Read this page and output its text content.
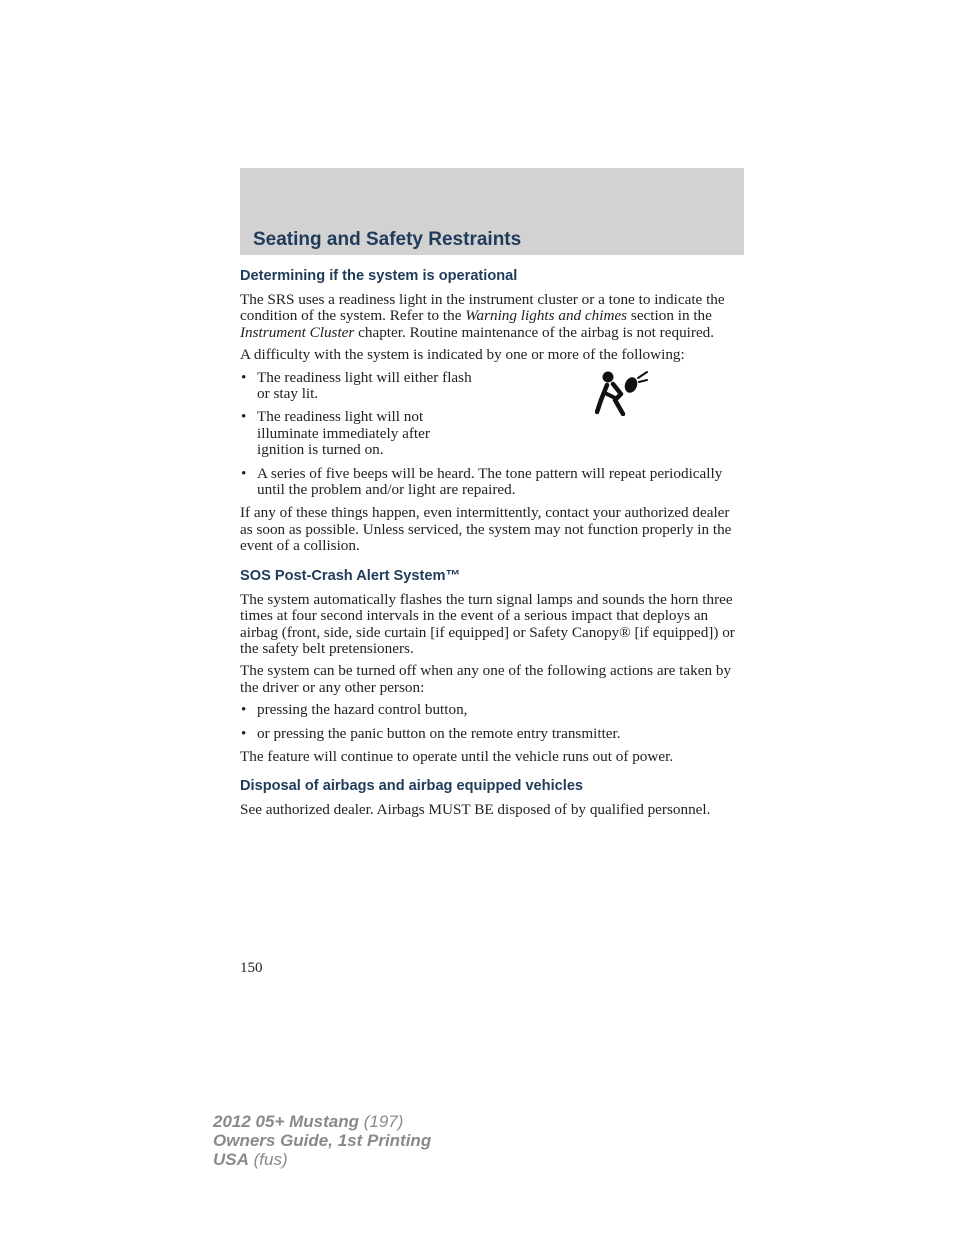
Seating and Safety Restraints
Determining if the system is operational

The SRS uses a readiness light in the instrument cluster or a tone to indicate the condition of the system. Refer to the Warning lights and chimes section in the Instrument Cluster chapter. Routine maintenance of the airbag is not required.

A difficulty with the system is indicated by one or more of the following:

• The readiness light will either flash or stay lit.
• The readiness light will not illuminate immediately after ignition is turned on.
• A series of five beeps will be heard. The tone pattern will repeat periodically until the problem and/or light are repaired.

If any of these things happen, even intermittently, contact your authorized dealer as soon as possible. Unless serviced, the system may not function properly in the event of a collision.

SOS Post-Crash Alert System™

The system automatically flashes the turn signal lamps and sounds the horn three times at four second intervals in the event of a serious impact that deploys an airbag (front, side, side curtain [if equipped] or Safety Canopy® [if equipped]) or the safety belt pretensioners.

The system can be turned off when any one of the following actions are taken by the driver or any other person:

• pressing the hazard control button,
• or pressing the panic button on the remote entry transmitter.

The feature will continue to operate until the vehicle runs out of power.

Disposal of airbags and airbag equipped vehicles

See authorized dealer. Airbags MUST BE disposed of by qualified personnel.

150
2012 05+ Mustang (197)
Owners Guide, 1st Printing
USA (fus)
